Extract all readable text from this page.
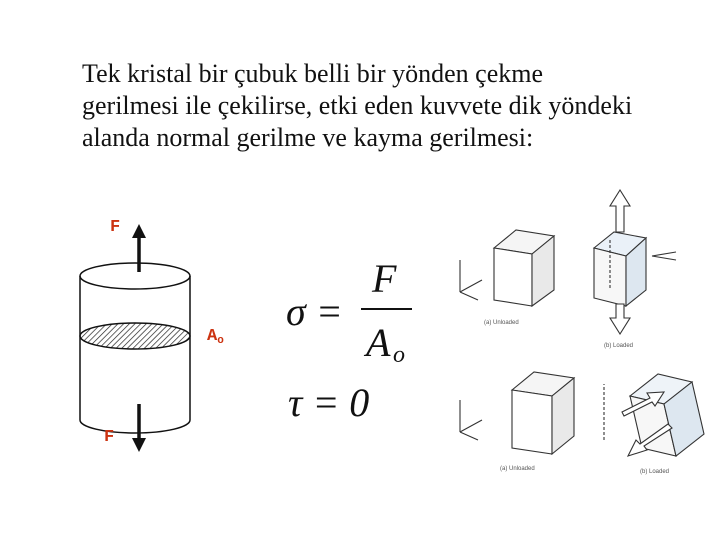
Tek kristal bir çubuk belli bir yönden çekme
gerilmesi ile çekilirse, etki eden kuvvete dik yöndeki
alanda normal gerilme ve kayma gerilmesi:

σ =
F
A o
τ = 0
F
F
$A_o$
(a) Unloaded
(b) Loaded
(a) Unloaded	(b) Loaded
